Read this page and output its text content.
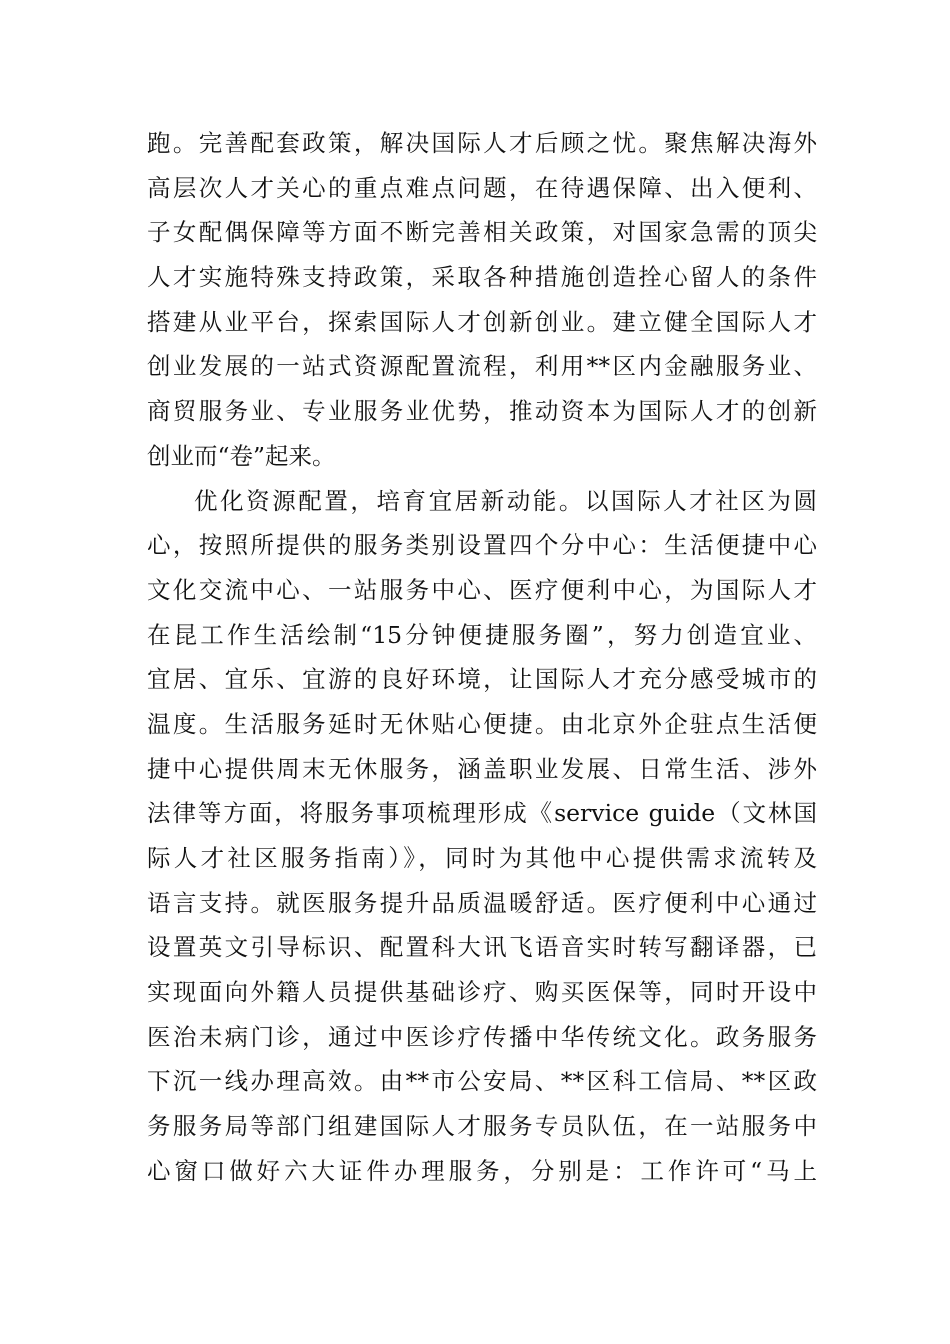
跑。完善配套政策，解决国际人才后顾之忧。聚焦解决海外
高层次人才关心的重点难点问题，在待遇保障、出入便利、
子女配偶保障等方面不断完善相关政策，对国家急需的顶尖
人才实施特殊支持政策，采取各种措施创造拴心留人的条件
搭建从业平台，探索国际人才创新创业。建立健全国际人才
创业发展的一站式资源配置流程，利用**区内金融服务业、
商贸服务业、专业服务业优势，推动资本为国际人才的创新
创业而“卷”起来。
优化资源配置，培育宜居新动能。以国际人才社区为圆
心，按照所提供的服务类别设置四个分中心：生活便捷中心
文化交流中心、一站服务中心、医疗便利中心，为国际人才
在昆工作生活绘制“15分钟便捷服务圈”，努力创造宜业、
宜居、宜乐、宜游的良好环境，让国际人才充分感受城市的
温度。生活服务延时无休贴心便捷。由北京外企驻点生活便
捷中心提供周末无休服务，涵盖职业发展、日常生活、涉外
法律等方面，将服务事项梳理形成《service guide（文林国
际人才社区服务指南）》，同时为其他中心提供需求流转及
语言支持。就医服务提升品质温暖舒适。医疗便利中心通过
设置英文引导标识、配置科大讯飞语音实时转写翻译器，已
实现面向外籍人员提供基础诊疗、购买医保等，同时开设中
医治未病门诊，通过中医诊疗传播中华传统文化。政务服务
下沉一线办理高效。由**市公安局、**区科工信局、**区政
务服务局等部门组建国际人才服务专员队伍，在一站服务中
心窗口做好六大证件办理服务，分别是：工作许可“马上
